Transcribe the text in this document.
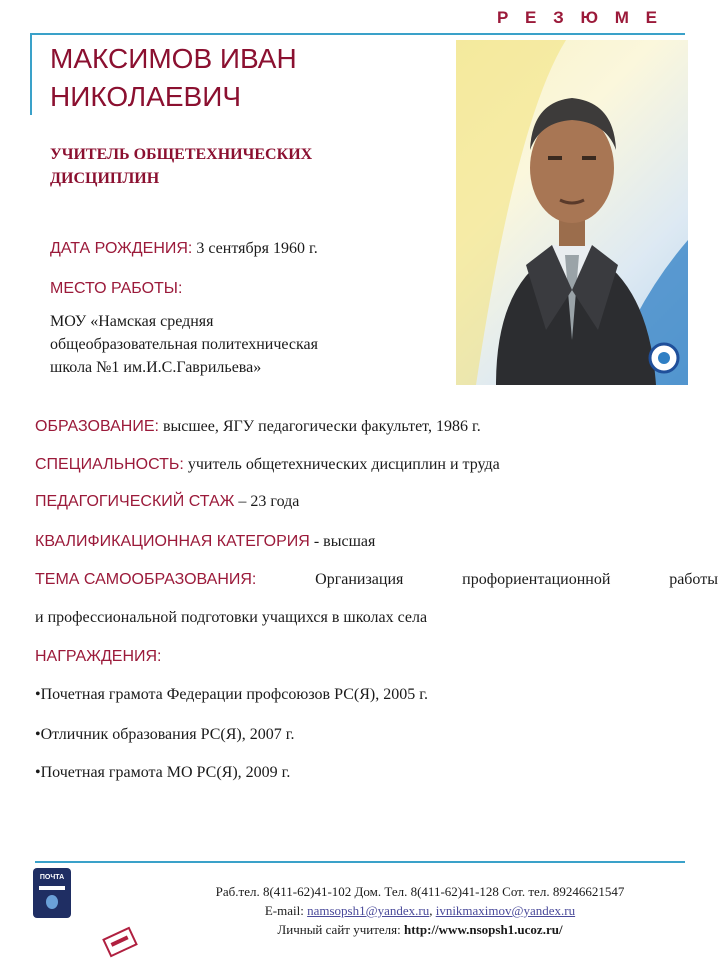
Р Е З Ю М Е
МАКСИМОВ ИВАН
НИКОЛАЕВИЧ
УЧИТЕЛЬ ОБЩЕТЕХНИЧЕСКИХ
ДИСЦИПЛИН
ДАТА РОЖДЕНИЯ: 3 сентября 1960 г.
МЕСТО РАБОТЫ:
МОУ «Намская средняя
общеобразовательная политехническая
школа №1 им.И.С.Гаврильева»
ОБРАЗОВАНИЕ: высшее, ЯГУ педагогически факультет, 1986 г.
СПЕЦИАЛЬНОСТЬ: учитель общетехнических дисциплин и труда
ПЕДАГОГИЧЕСКИЙ СТАЖ – 23 года
КВАЛИФИКАЦИОННАЯ КАТЕГОРИЯ - высшая
ТЕМА САМООБРАЗОВАНИЯ:	Организация	профориентационной	работы
и профессиональной подготовки учащихся в школах села
НАГРАЖДЕНИЯ:
•Почетная грамота Федерации профсоюзов РС(Я), 2005 г.
•Отличник образования РС(Я), 2007 г.
•Почетная грамота МО РС(Я), 2009 г.
ПОЧТА
Раб.тел. 8(411-62)41-102 Дом. Тел. 8(411-62)41-128 Сот. тел. 89246621547
E-mail: namsopsh1@yandex.ru, ivnikmaximov@yandex.ru
Личный сайт учителя: http://www.nsopsh1.ucoz.ru/
